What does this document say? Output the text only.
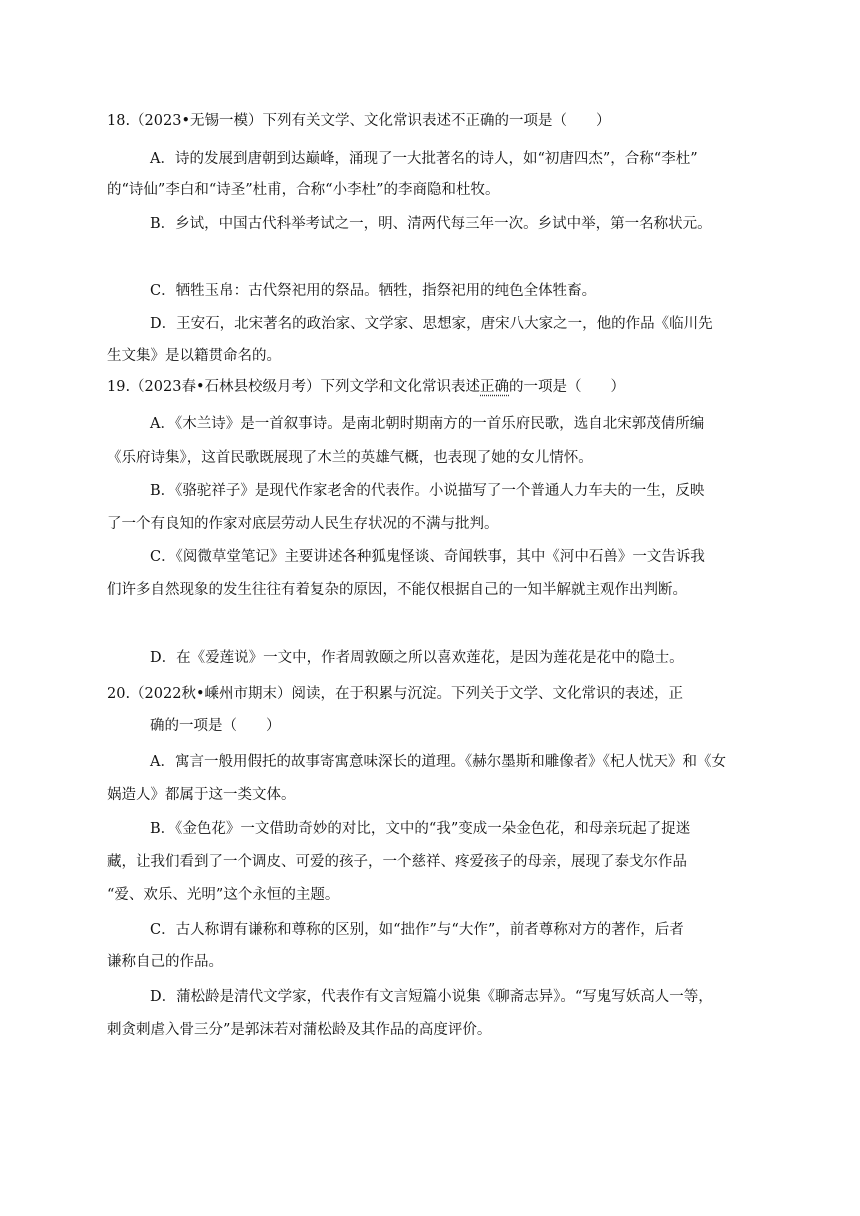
18.（2023•无锡一模）下列有关文学、文化常识表述不正确的一项是（　　）
A．诗的发展到唐朝到达巅峰，涌现了一大批著名的诗人，如“初唐四杰”，合称“李杜”
的“诗仙”李白和“诗圣”杜甫，合称“小李杜”的李商隐和杜牧。
B．乡试，中国古代科举考试之一，明、清两代每三年一次。乡试中举，第一名称状元。
C．牺牲玉帛：古代祭祀用的祭品。牺牲，指祭祀用的纯色全体牲畜。
D．王安石，北宋著名的政治家、文学家、思想家，唐宋八大家之一，他的作品《临川先
生文集》是以籍贯命名的。
19.（2023春•石林县校级月考）下列文学和文化常识表述正确的一项是（　　）
A．《木兰诗》是一首叙事诗。是南北朝时期南方的一首乐府民歌，选自北宋郭茂倩所编
《乐府诗集》，这首民歌既展现了木兰的英雄气概，也表现了她的女儿情怀。
B．《骆驼祥子》是现代作家老舍的代表作。小说描写了一个普通人力车夫的一生，反映
了一个有良知的作家对底层劳动人民生存状况的不满与批判。
C．《阅微草堂笔记》主要讲述各种狐鬼怪谈、奇闻轶事，其中《河中石兽》一文告诉我
们许多自然现象的发生往往有着复杂的原因，不能仅根据自己的一知半解就主观作出判断。
D．在《爱莲说》一文中，作者周敦颐之所以喜欢莲花，是因为莲花是花中的隐士。
20.（2022秋•嵊州市期末）阅读，在于积累与沉淀。下列关于文学、文化常识的表述，正
确的一项是（　　）
A．寓言一般用假托的故事寄寓意味深长的道理。《赫尔墨斯和雕像者》《杞人忧天》和《女
娲造人》都属于这一类文体。
B．《金色花》一文借助奇妙的对比，文中的“我”变成一朵金色花，和母亲玩起了捉迷
藏，让我们看到了一个调皮、可爱的孩子，一个慈祥、疼爱孩子的母亲，展现了泰戈尔作品
“爱、欢乐、光明”这个永恒的主题。
C．古人称谓有谦称和尊称的区别，如“拙作”与“大作”，前者尊称对方的著作，后者
谦称自己的作品。
D．蒲松龄是清代文学家，代表作有文言短篇小说集《聊斋志异》。“写鬼写妖高人一等，
刺贪刺虐入骨三分”是郭沫若对蒲松龄及其作品的高度评价。
